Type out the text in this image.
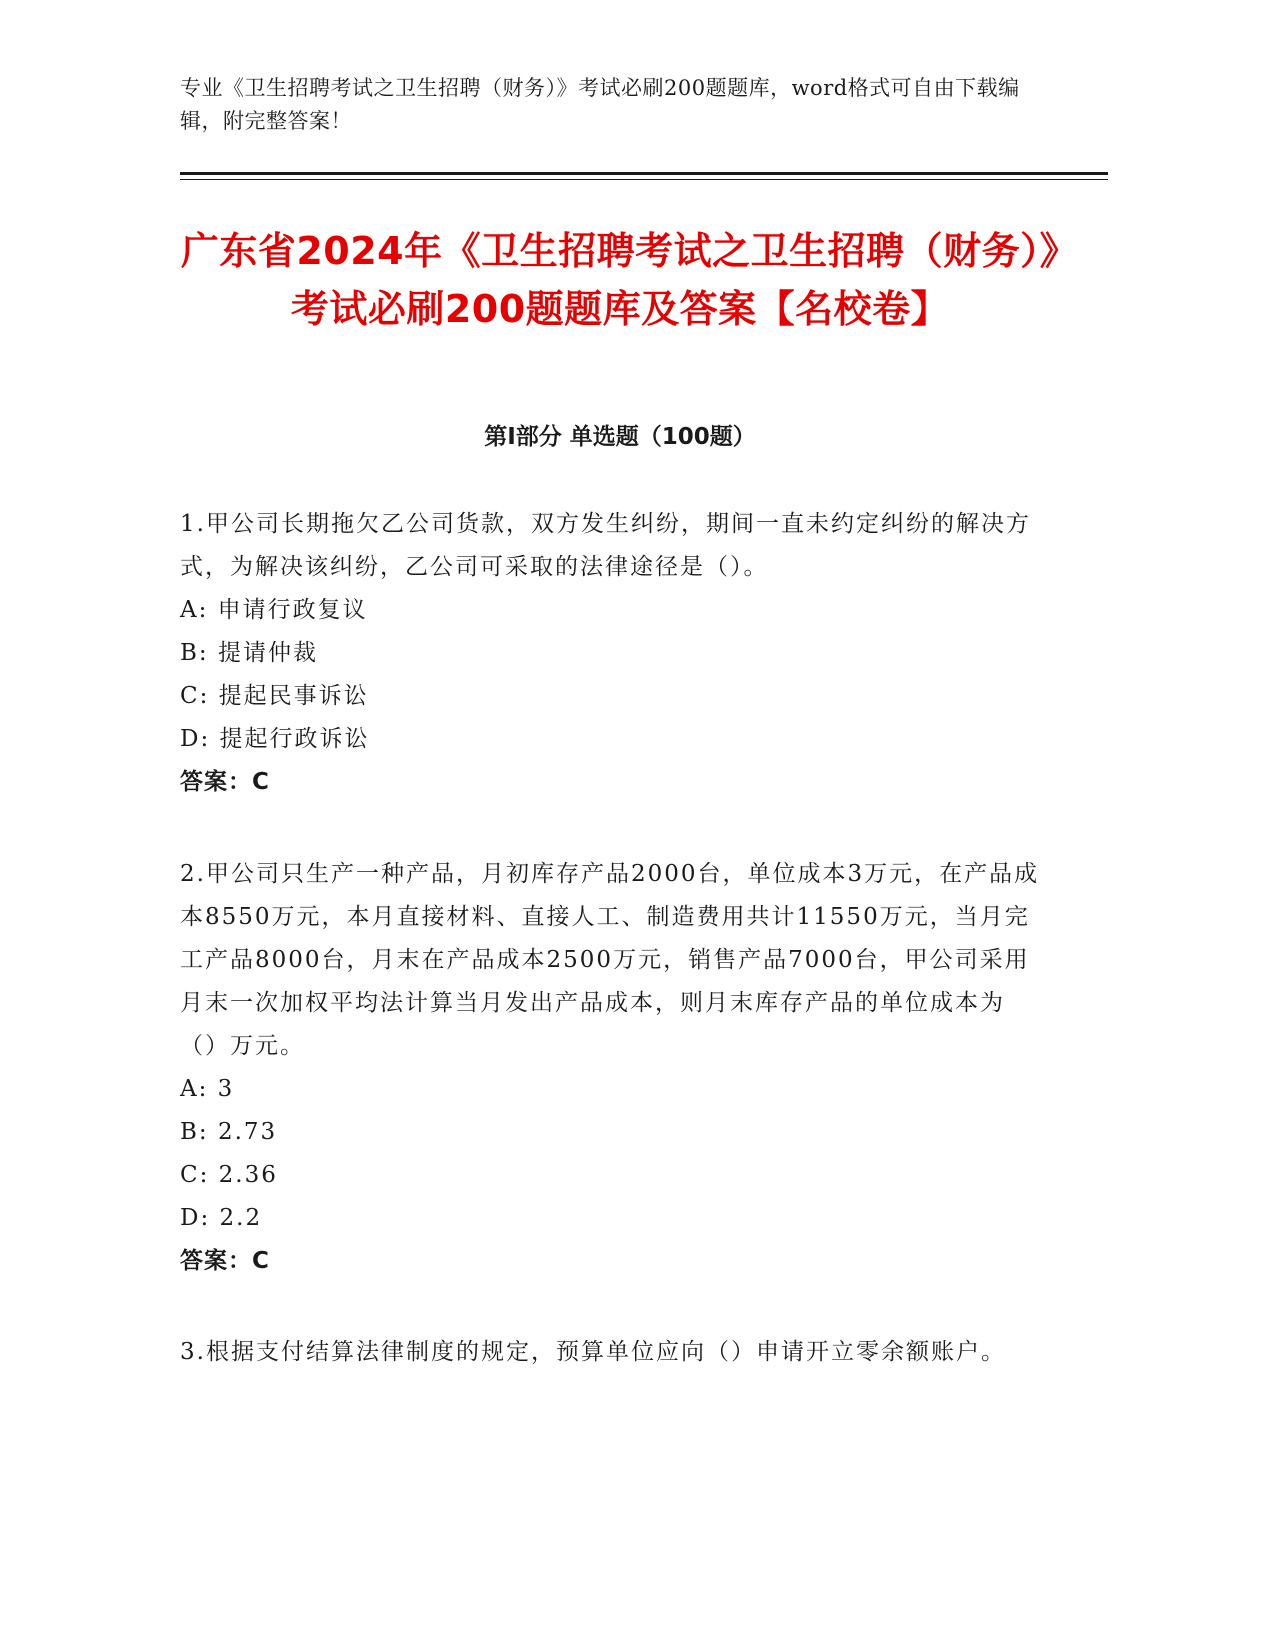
专业《卫生招聘考试之卫生招聘（财务）》考试必刷200题题库，word格式可自由下载编辑，附完整答案！
广东省2024年《卫生招聘考试之卫生招聘（财务）》考试必刷200题题库及答案【名校卷】
第Ⅰ部分 单选题（100题）

1.甲公司长期拖欠乙公司货款，双方发生纠纷，期间一直未约定纠纷的解决方式，为解决该纠纷，乙公司可采取的法律途径是（）。

A: 申请行政复议

B: 提请仲裁

C: 提起民事诉讼

D: 提起行政诉讼

答案：C

2.甲公司只生产一种产品，月初库存产品2000台，单位成本3万元，在产品成本8550万元，本月直接材料、直接人工、制造费用共计11550万元，当月完工产品8000台，月末在产品成本2500万元，销售产品7000台，甲公司采用月末一次加权平均法计算当月发出产品成本，则月末库存产品的单位成本为（）万元。

A: 3

B: 2.73

C: 2.36

D: 2.2

答案：C

3.根据支付结算法律制度的规定，预算单位应向（）申请开立零余额账户。
